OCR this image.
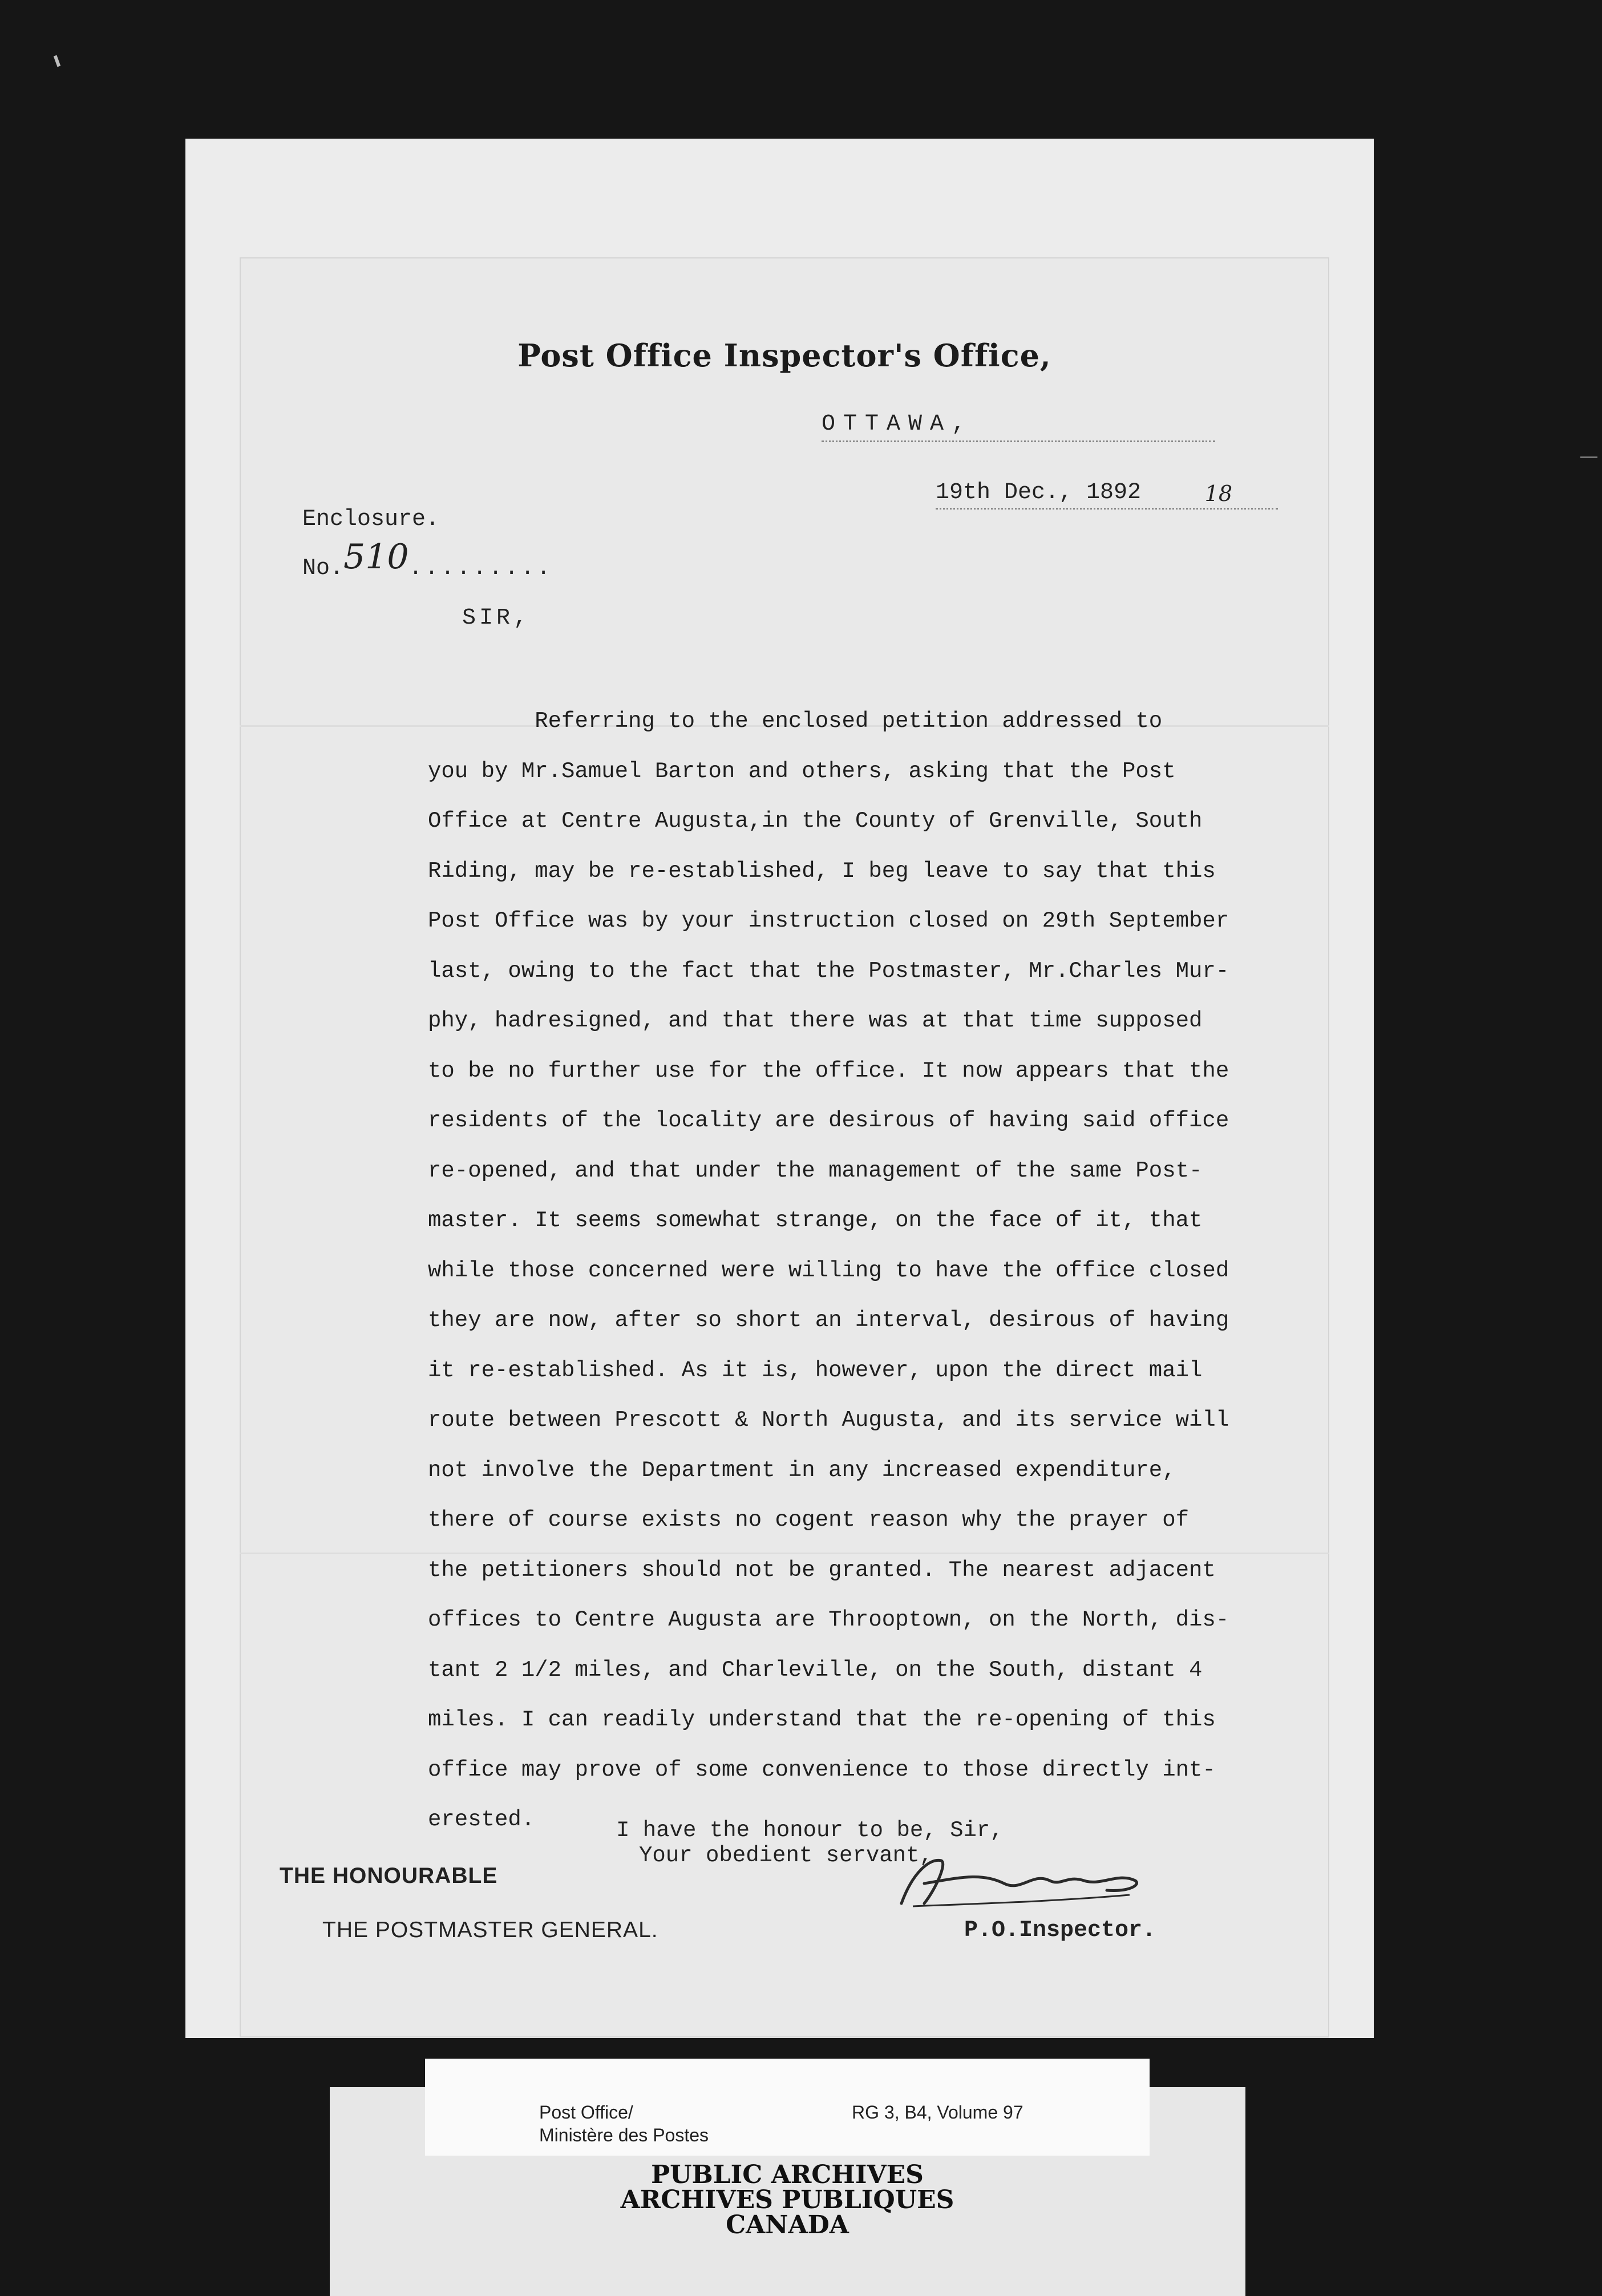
Post Office Inspector's Office,
OTTAWA,
19th Dec., 1892	18
Enclosure.
No.510.........
SIR,
Referring to the enclosed petition addressed to
you by Mr.Samuel Barton and others, asking that the Post
Office at Centre Augusta,in the County of Grenville, South
Riding, may be re-established, I beg leave to say that this
Post Office was by your instruction closed on 29th September
last, owing to the fact that the Postmaster, Mr.Charles Mur-
phy, hadresigned, and that there was at that time supposed
to be no further use for the office. It now appears that the
residents of the locality are desirous of having said office
re-opened, and that under the management of the same Post-
master. It seems somewhat strange, on the face of it, that
while those concerned were willing to have the office closed
they are now, after so short an interval, desirous of having
it re-established. As it is, however, upon the direct mail
route between Prescott & North Augusta, and its service will
not involve the Department in any increased expenditure,
there of course exists no cogent reason why the prayer of
the petitioners should not be granted. The nearest adjacent
offices to Centre Augusta are Throoptown, on the North, dis-
tant 2 1/2 miles, and Charleville, on the South, distant 4
miles. I can readily understand that the re-opening of this
office may prove of some convenience to those directly int-
erested.	I have the honour to be, Sir,
Your obedient servant,
THE HONOURABLE
THE POSTMASTER GENERAL.	P.O.Inspector.
Post Office/
Ministère des Postes
RG 3, B4, Volume 97
PUBLIC ARCHIVES
ARCHIVES PUBLIQUES
CANADA
